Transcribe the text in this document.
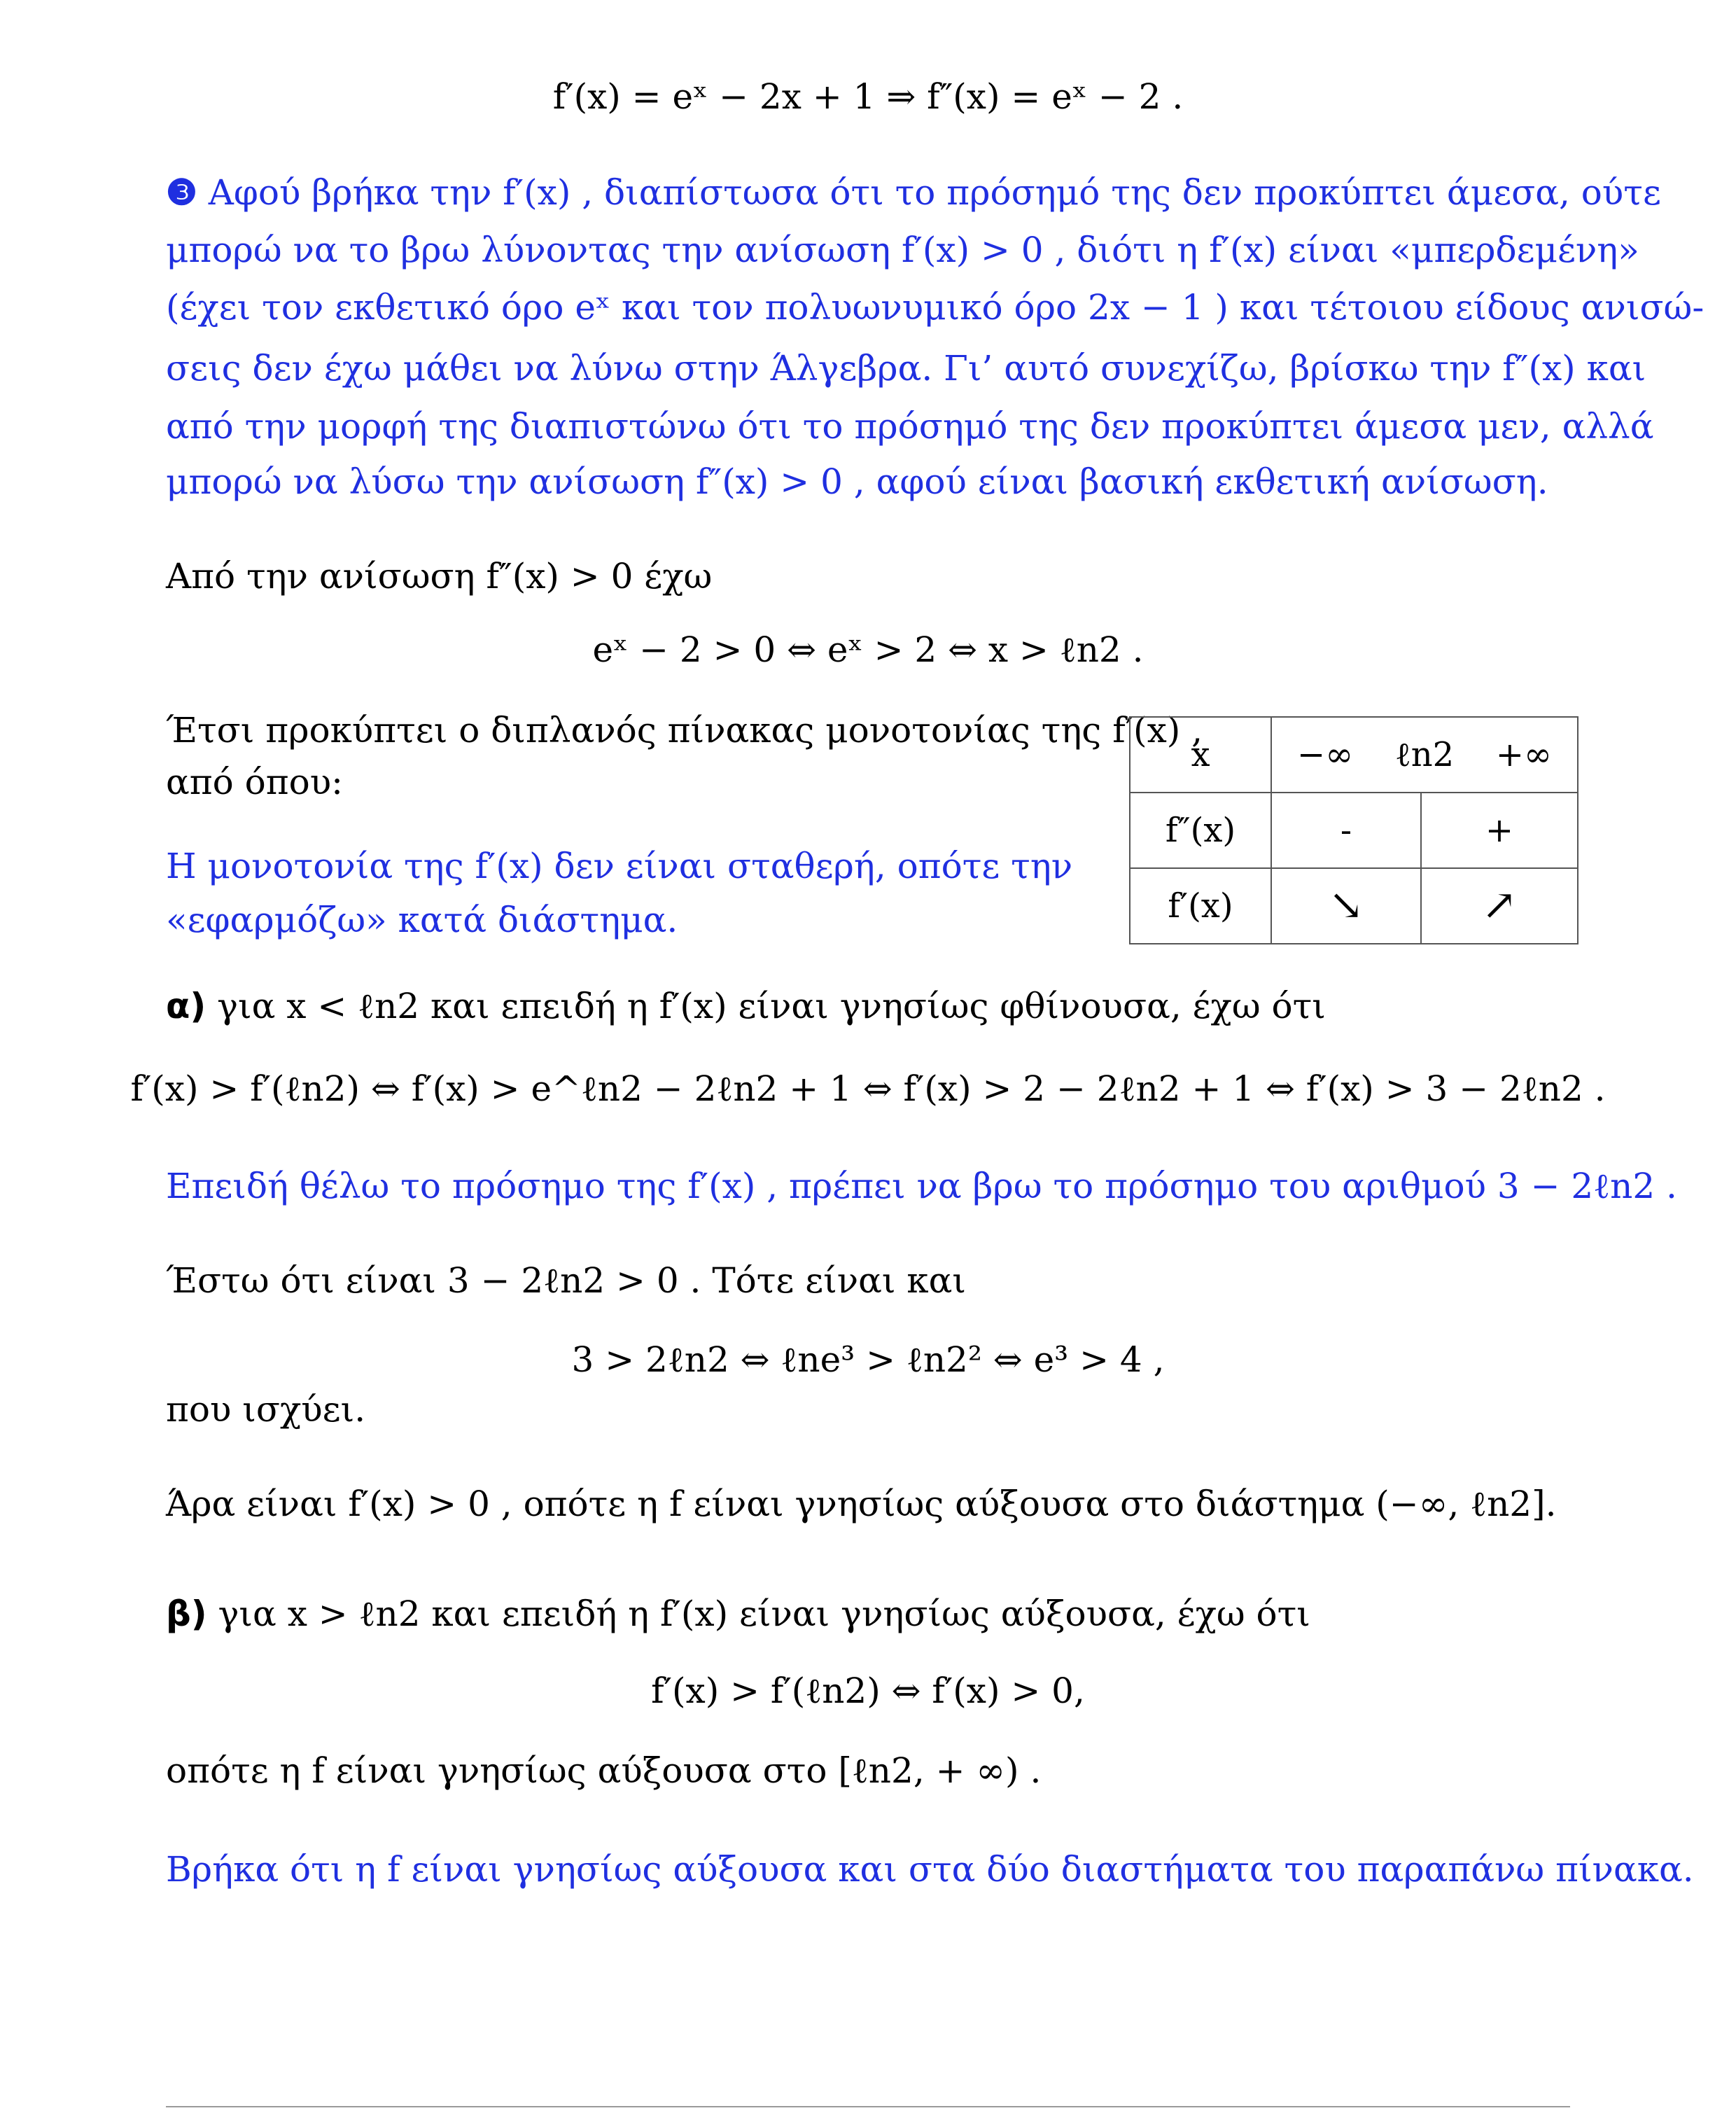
f′(x) = eˣ − 2x + 1 ⇒ f″(x) = eˣ − 2 .
❸ Αφού βρήκα την f′(x) , διαπίστωσα ότι το πρόσημό της δεν προκύπτει άμεσα, ούτε
μπορώ να το βρω λύνοντας την ανίσωση f′(x) > 0 , διότι η f′(x) είναι «μπερδεμένη»
(έχει τον εκθετικό όρο eˣ και τον πολυωνυμικό όρο 2x − 1 ) και τέτοιου είδους ανισώ-
σεις δεν έχω μάθει να λύνω στην Άλγεβρα. Γι’ αυτό συνεχίζω, βρίσκω την f″(x) και
από την μορφή της διαπιστώνω ότι το πρόσημό της δεν προκύπτει άμεσα μεν, αλλά
μπορώ να λύσω την ανίσωση f″(x) > 0 , αφού είναι βασική εκθετική ανίσωση.
Από την ανίσωση f″(x) > 0 έχω
eˣ − 2 > 0 ⇔ eˣ > 2 ⇔ x > ℓn2 .
Έτσι προκύπτει ο διπλανός πίνακας μονοτονίας της f′(x) ,
από όπου:
Η μονοτονία της f′(x) δεν είναι σταθερή, οπότε την
«εφαρμόζω» κατά διάστημα.
x	−∞ ℓn2 +∞	

f″(x)	-	+
f′(x)	↘	↗
α) για x < ℓn2 και επειδή η f′(x) είναι γνησίως φθίνουσα, έχω ότι
f′(x) > f′(ℓn2) ⇔ f′(x) > e^ℓn2 − 2ℓn2 + 1 ⇔ f′(x) > 2 − 2ℓn2 + 1 ⇔ f′(x) > 3 − 2ℓn2 .
Επειδή θέλω το πρόσημο της f′(x) , πρέπει να βρω το πρόσημο του αριθμού 3 − 2ℓn2 .
Έστω ότι είναι 3 − 2ℓn2 > 0 . Τότε είναι και
3 > 2ℓn2 ⇔ ℓne³ > ℓn2² ⇔ e³ > 4 ,
που ισχύει.
Άρα είναι f′(x) > 0 , οπότε η f είναι γνησίως αύξουσα στο διάστημα (−∞, ℓn2].
β) για x > ℓn2 και επειδή η f′(x) είναι γνησίως αύξουσα, έχω ότι
f′(x) > f′(ℓn2) ⇔ f′(x) > 0,
οπότε η f είναι γνησίως αύξουσα στο [ℓn2, + ∞) .
Βρήκα ότι η f είναι γνησίως αύξουσα και στα δύο διαστήματα του παραπάνω πίνακα.
